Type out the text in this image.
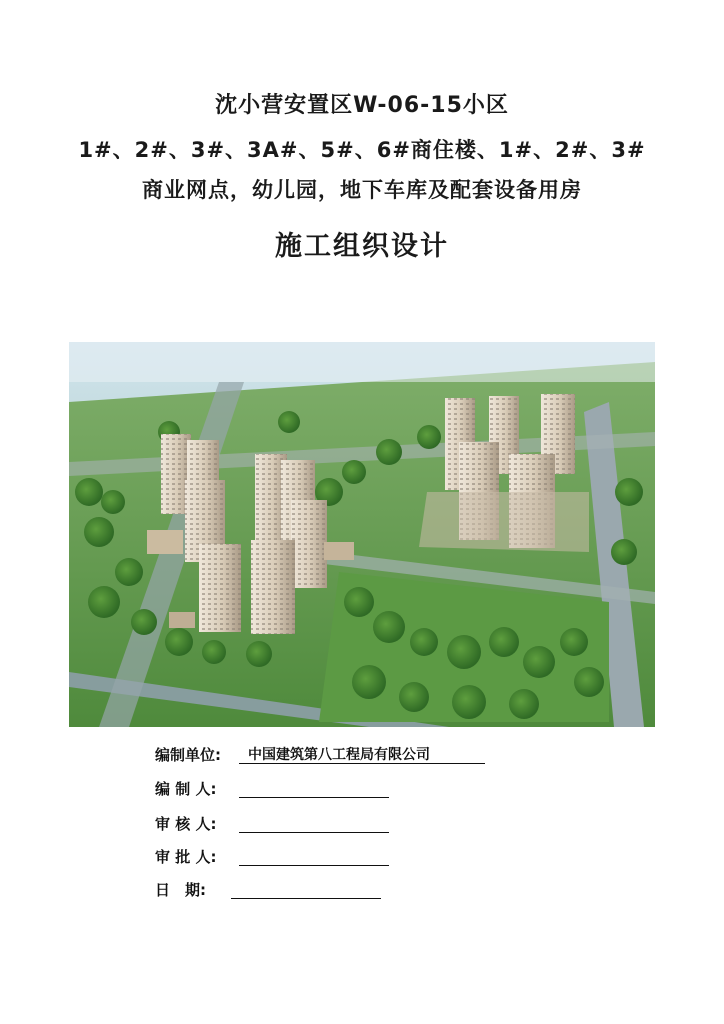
沈小营安置区W-06-15小区
1#、2#、3#、3A#、5#、6#商住楼、1#、2#、3#
商业网点，幼儿园，地下车库及配套设备用房
施工组织设计
编制单位: 中国建筑第八工程局有限公司
编 制 人:
审 核 人:
审 批 人:
日　期:
